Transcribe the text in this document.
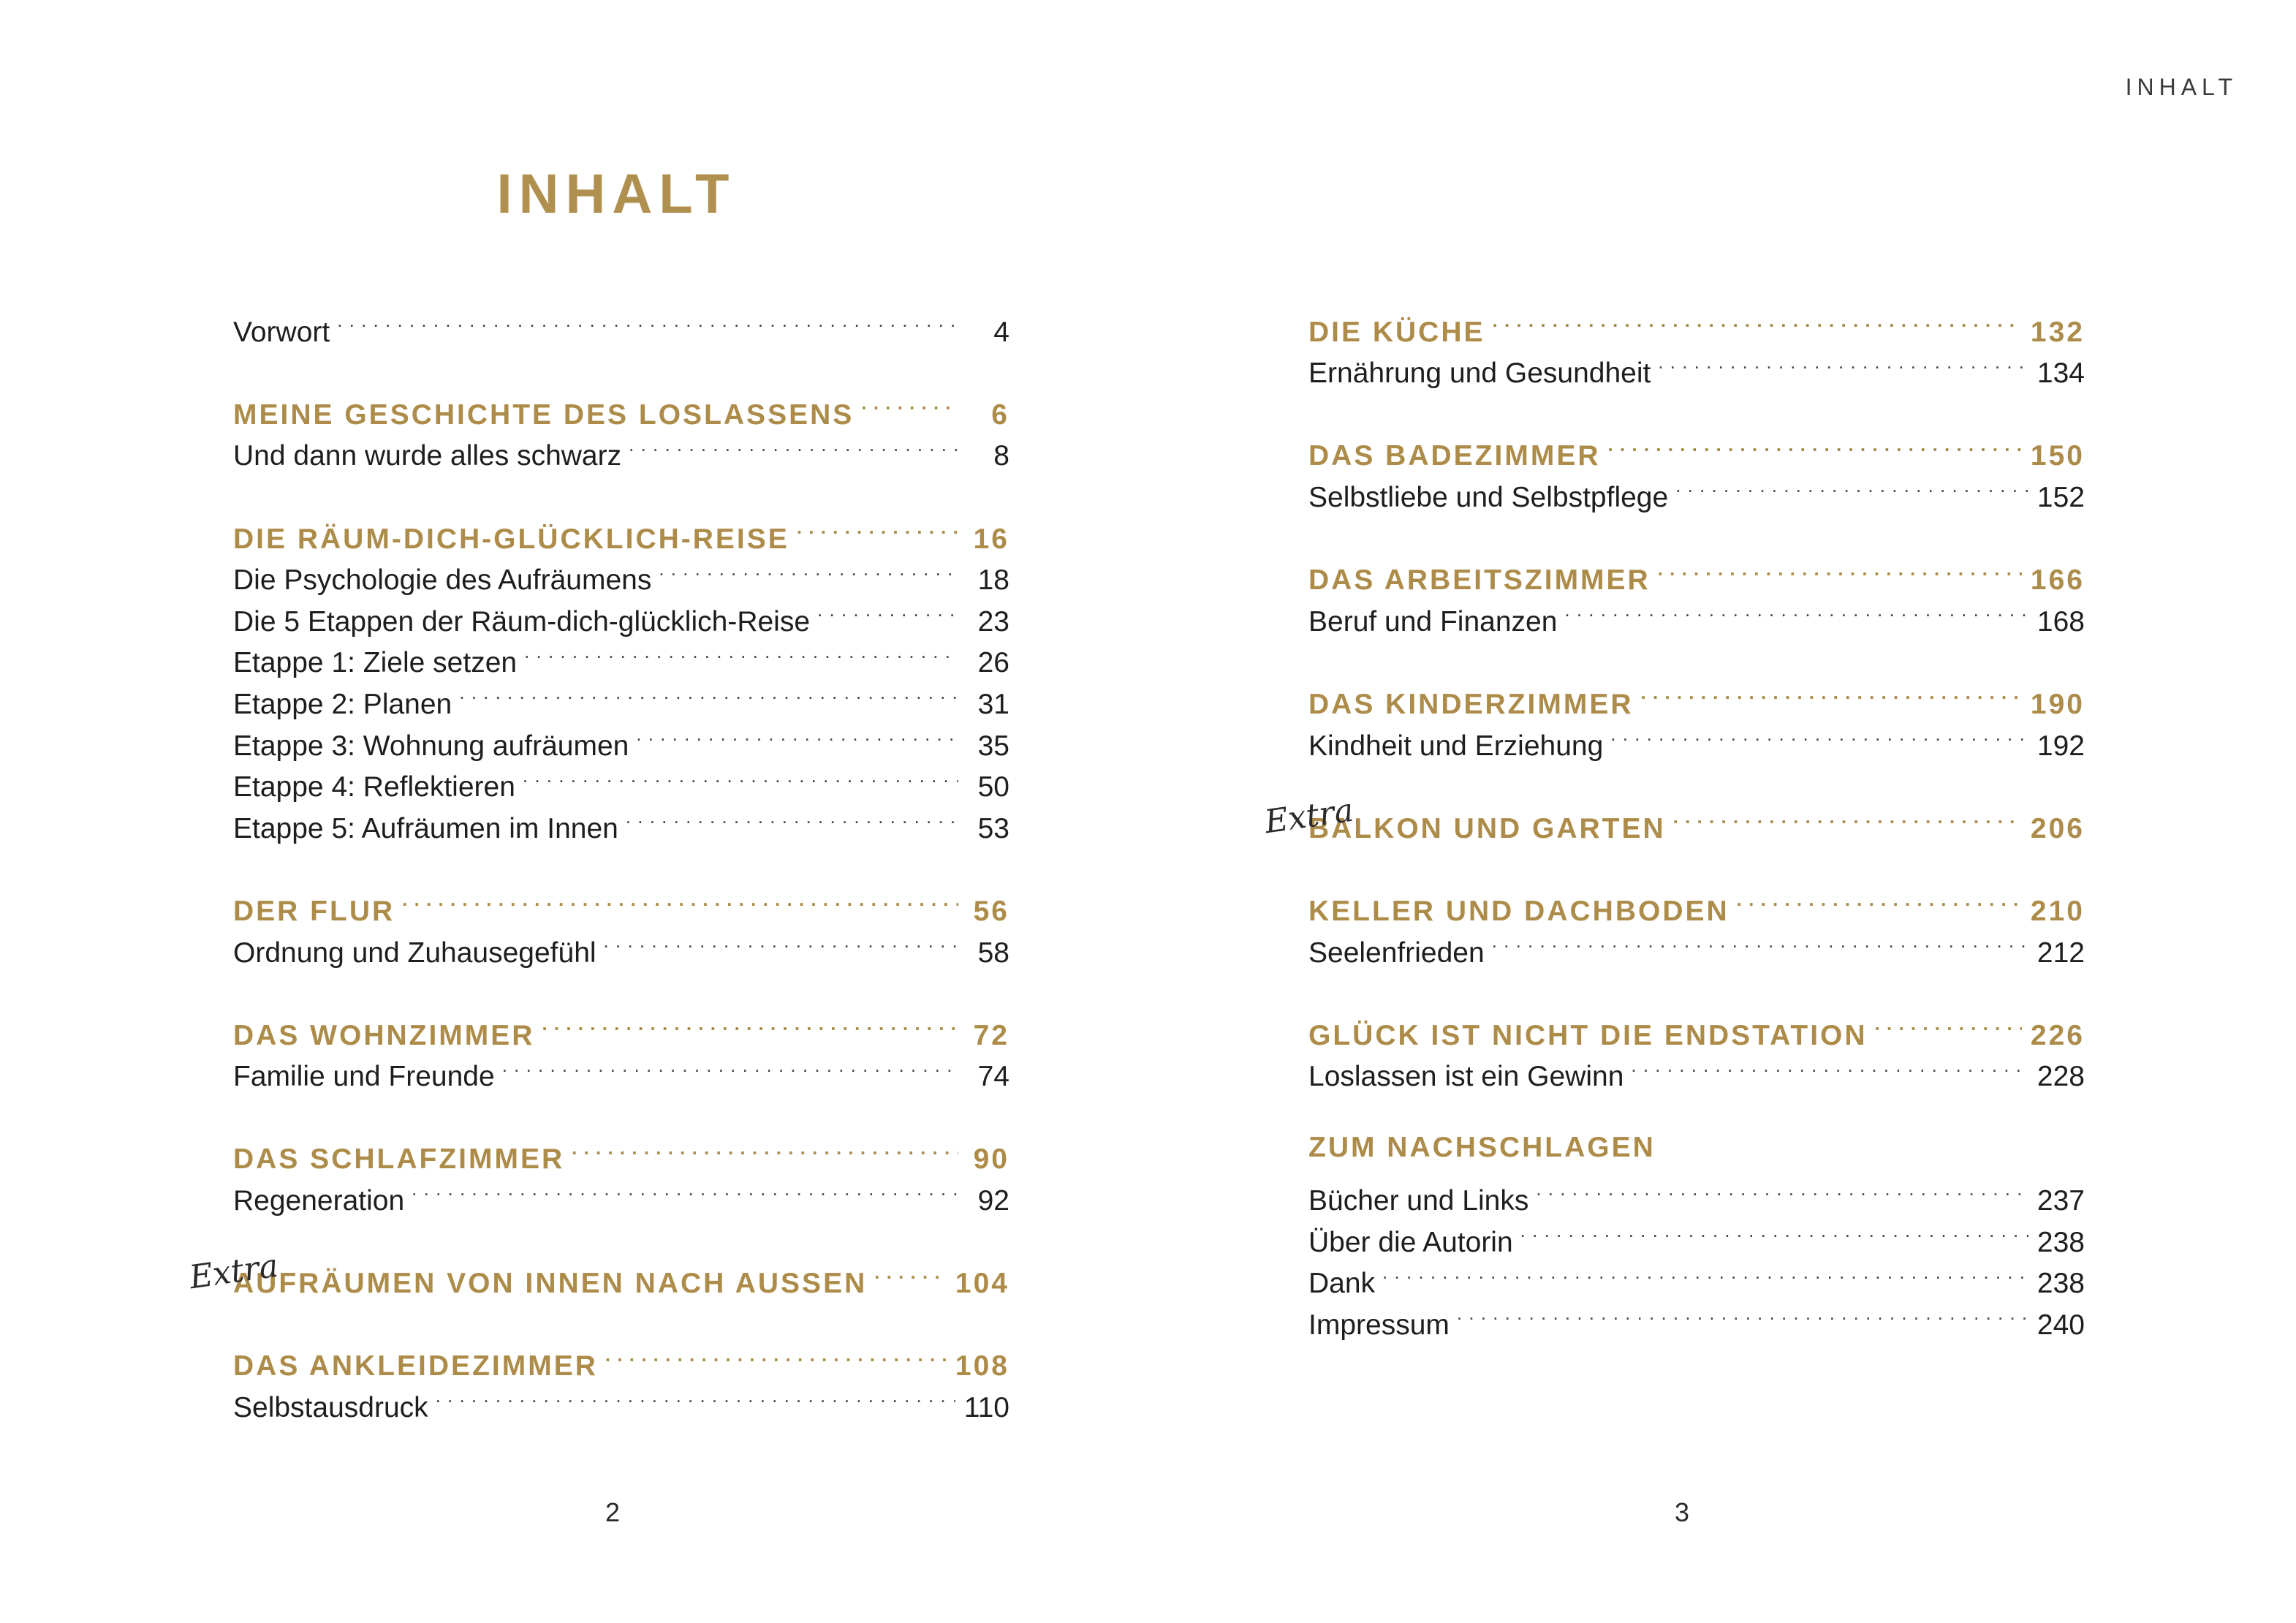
INHALT
INHALT
Vorwort . . .	4
MEINE GESCHICHTE DES LOSLASSENS . . .	6
Und dann wurde alles schwarz . . .	8
DIE RÄUM-DICH-GLÜCKLICH-REISE . . .	16
Die Psychologie des Aufräumens . . .	18
Die 5 Etappen der Räum-dich-glücklich-Reise . . .	23
Etappe 1: Ziele setzen . . .	26
Etappe 2: Planen . . .	31
Etappe 3: Wohnung aufräumen . . .	35
Etappe 4: Reflektieren . . .	50
Etappe 5: Aufräumen im Innen . . .	53
DER FLUR . . .	56
Ordnung und Zuhausegefühl . . .	58
DAS WOHNZIMMER . . .	72
Familie und Freunde . . .	74
DAS SCHLAFZIMMER . . .	90
Regeneration . . .	92
Extra
AUFRÄUMEN VON INNEN NACH AUSSEN . . .	104
DAS ANKLEIDEZIMMER . . .	108
Selbstausdruck . . .	110
DIE KÜCHE . . .	132
Ernährung und Gesundheit . . .	134
DAS BADEZIMMER . . .	150
Selbstliebe und Selbstpflege . . .	152
DAS ARBEITSZIMMER . . .	166
Beruf und Finanzen . . .	168
DAS KINDERZIMMER . . .	190
Kindheit und Erziehung . . .	192
Extra
BALKON UND GARTEN . . .	206
KELLER UND DACHBODEN . . .	210
Seelenfrieden . . .	212
GLÜCK IST NICHT DIE ENDSTATION . . .	226
Loslassen ist ein Gewinn . . .	228
ZUM NACHSCHLAGEN
Bücher und Links . . .	237
Über die Autorin . . .	238
Dank . . .	238
Impressum . . .	240
2	3
